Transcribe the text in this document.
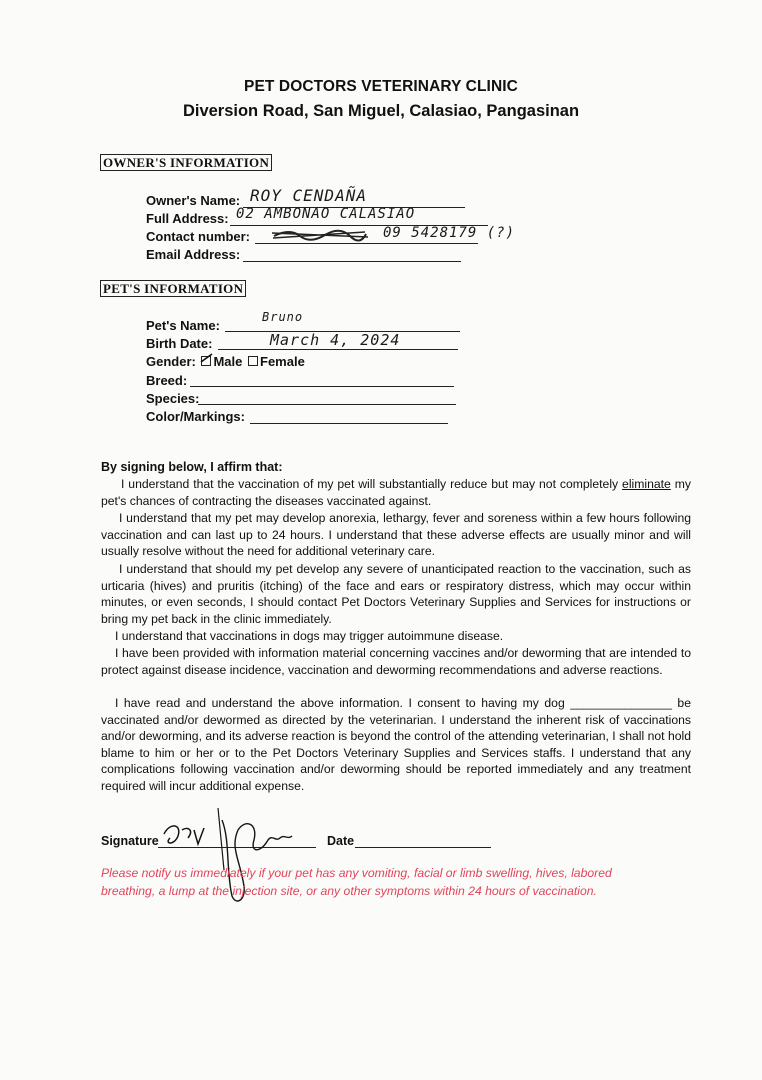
PET DOCTORS VETERINARY CLINIC
Diversion Road, San Miguel, Calasiao, Pangasinan
OWNER'S INFORMATION
Owner's Name: ROY CENDAÑA
Full Address: 02 AMBONAO CALASIAO
Contact number:	09 5428179 (?)
Email Address:
PET'S INFORMATION
Pet's Name:
Bruno
Birth Date:	March 4, 2024
Gender: Male Female
Breed:
Species:
Color/Markings:
By signing below, I affirm that:
I understand that the vaccination of my pet will substantially reduce but may not completely eliminate my pet's chances of contracting the diseases vaccinated against.
I understand that my pet may develop anorexia, lethargy, fever and soreness within a few hours following vaccination and can last up to 24 hours. I understand that these adverse effects are usually minor and will usually resolve without the need for additional veterinary care.
I understand that should my pet develop any severe of unanticipated reaction to the vaccination, such as urticaria (hives) and pruritis (itching) of the face and ears or respiratory distress, which may occur within minutes, or even seconds, I should contact Pet Doctors Veterinary Supplies and Services for instructions or bring my pet back in the clinic immediately.
I understand that vaccinations in dogs may trigger autoimmune disease.
I have been provided with information material concerning vaccines and/or deworming that are intended to protect against disease incidence, vaccination and deworming recommendations and adverse reactions.
I have read and understand the above information. I consent to having my dog _______________ be vaccinated and/or dewormed as directed by the veterinarian. I understand the inherent risk of vaccinations and/or deworming, and its adverse reaction is beyond the control of the attending veterinarian, I shall not hold blame to him or her or to the Pet Doctors Veterinary Supplies and Services staffs. I understand that any complications following vaccination and/or deworming should be reported immediately and any treatment required will incur additional expense.
Signature	Date
Please notify us immediately if your pet has any vomiting, facial or limb swelling, hives, labored breathing, a lump at the injection site, or any other symptoms within 24 hours of vaccination.
